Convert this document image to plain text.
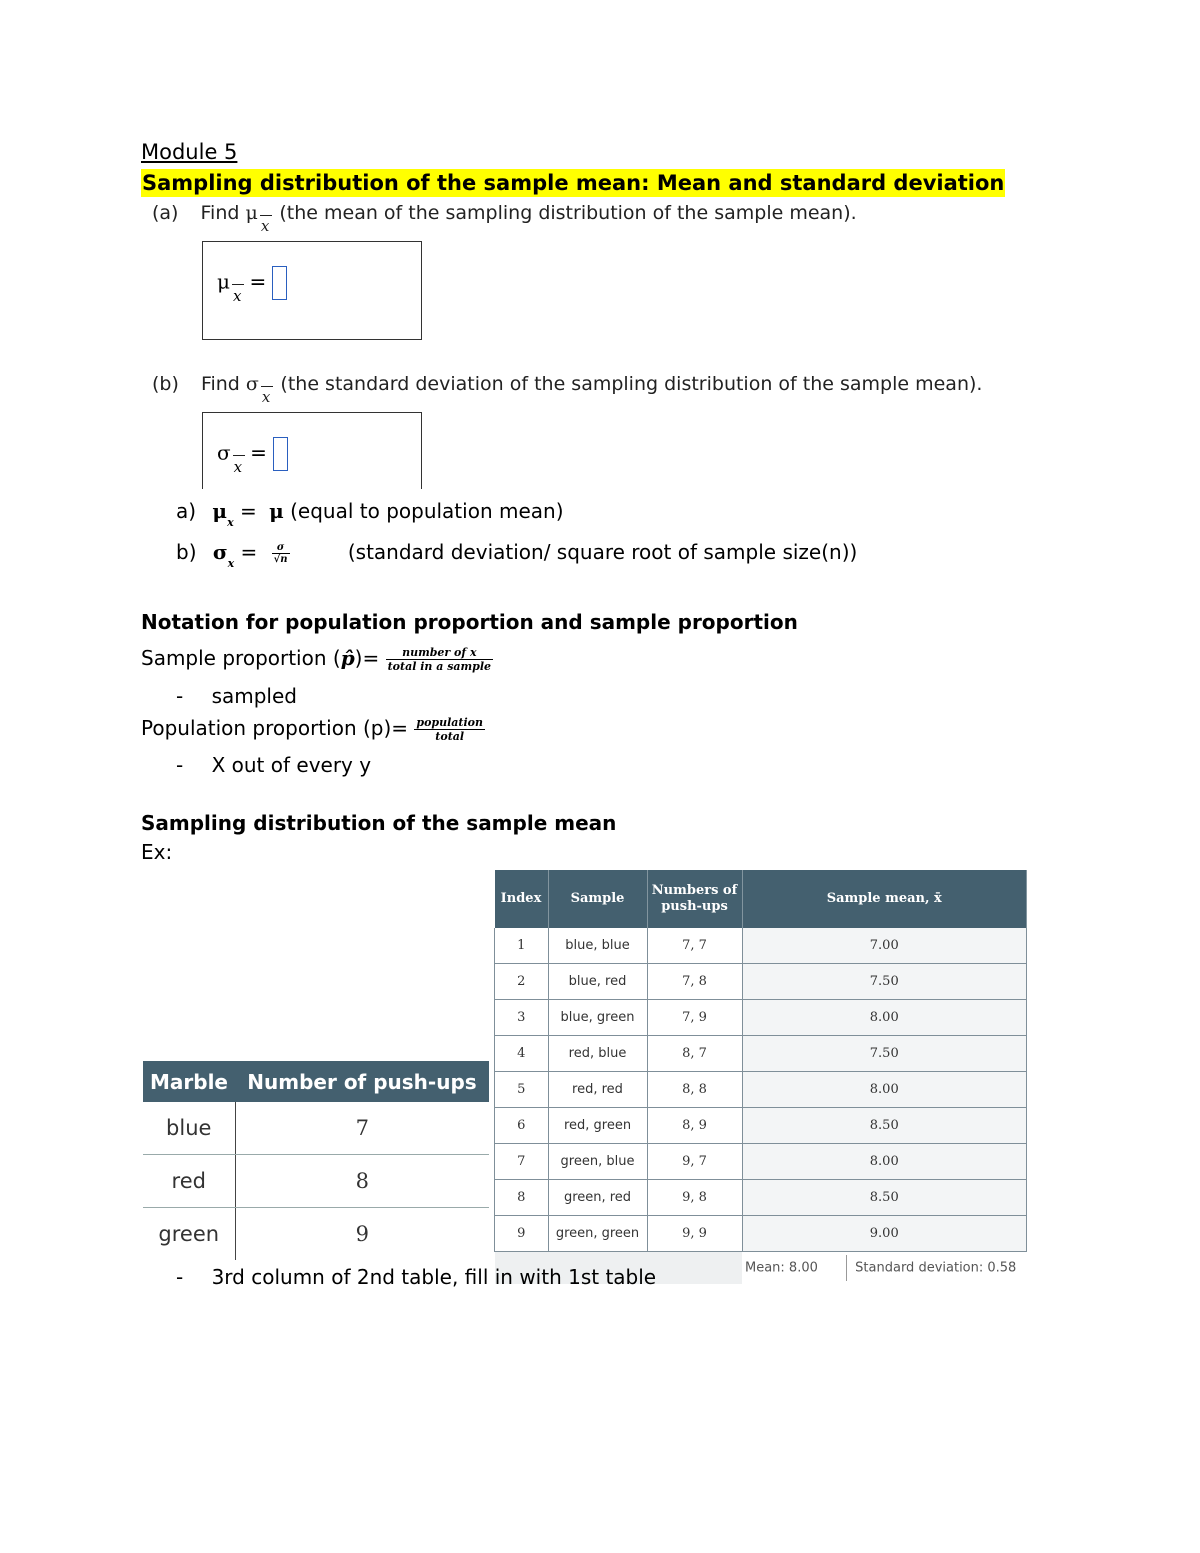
Module 5
Sampling distribution of the sample mean: Mean and standard deviation
(a) Find $\mu_x$ (the mean of the sampling distribution of the sample mean).
$\mu_x=$
(b) Find $\sigma_x$ (the standard deviation of the sampling distribution of the sample mean).
$\sigma_x=$
a) $\mu_x = \mu$ (equal to population mean)
b) $\sigma_x = \frac{\sigma}{√n}$	(standard deviation/ square root of sample size(n))
Notation for population proportion and sample proportion
Sample proportion (p̂)= $\frac{\text{number of x}}{\text{total in a sample}}$
- sampled
Population proportion $(p)= \frac{\text{population}}{\text{total}}$
- X out of every y
Sampling distribution of the sample mean
Ex:
Marble	Number of push-ups
blue	7
red	8
green	9
Index	Sample	Numbers of push-ups	Sample mean, x̄
1	blue, blue	7, 7	7.00
2	blue, red	7, 8	7.50
3	blue, green	7, 9	8.00
4	red, blue	8, 7	7.50
5	red, red	8, 8	8.00
6	red, green	8, 9	8.50
7	green, blue	9, 7	8.00
8	green, red	9, 8	8.50
9	green, green	9, 9	9.00
			Mean: 8.00 Standard deviation: 0.58
- 3rd column of 2nd table, fill in with 1st table
